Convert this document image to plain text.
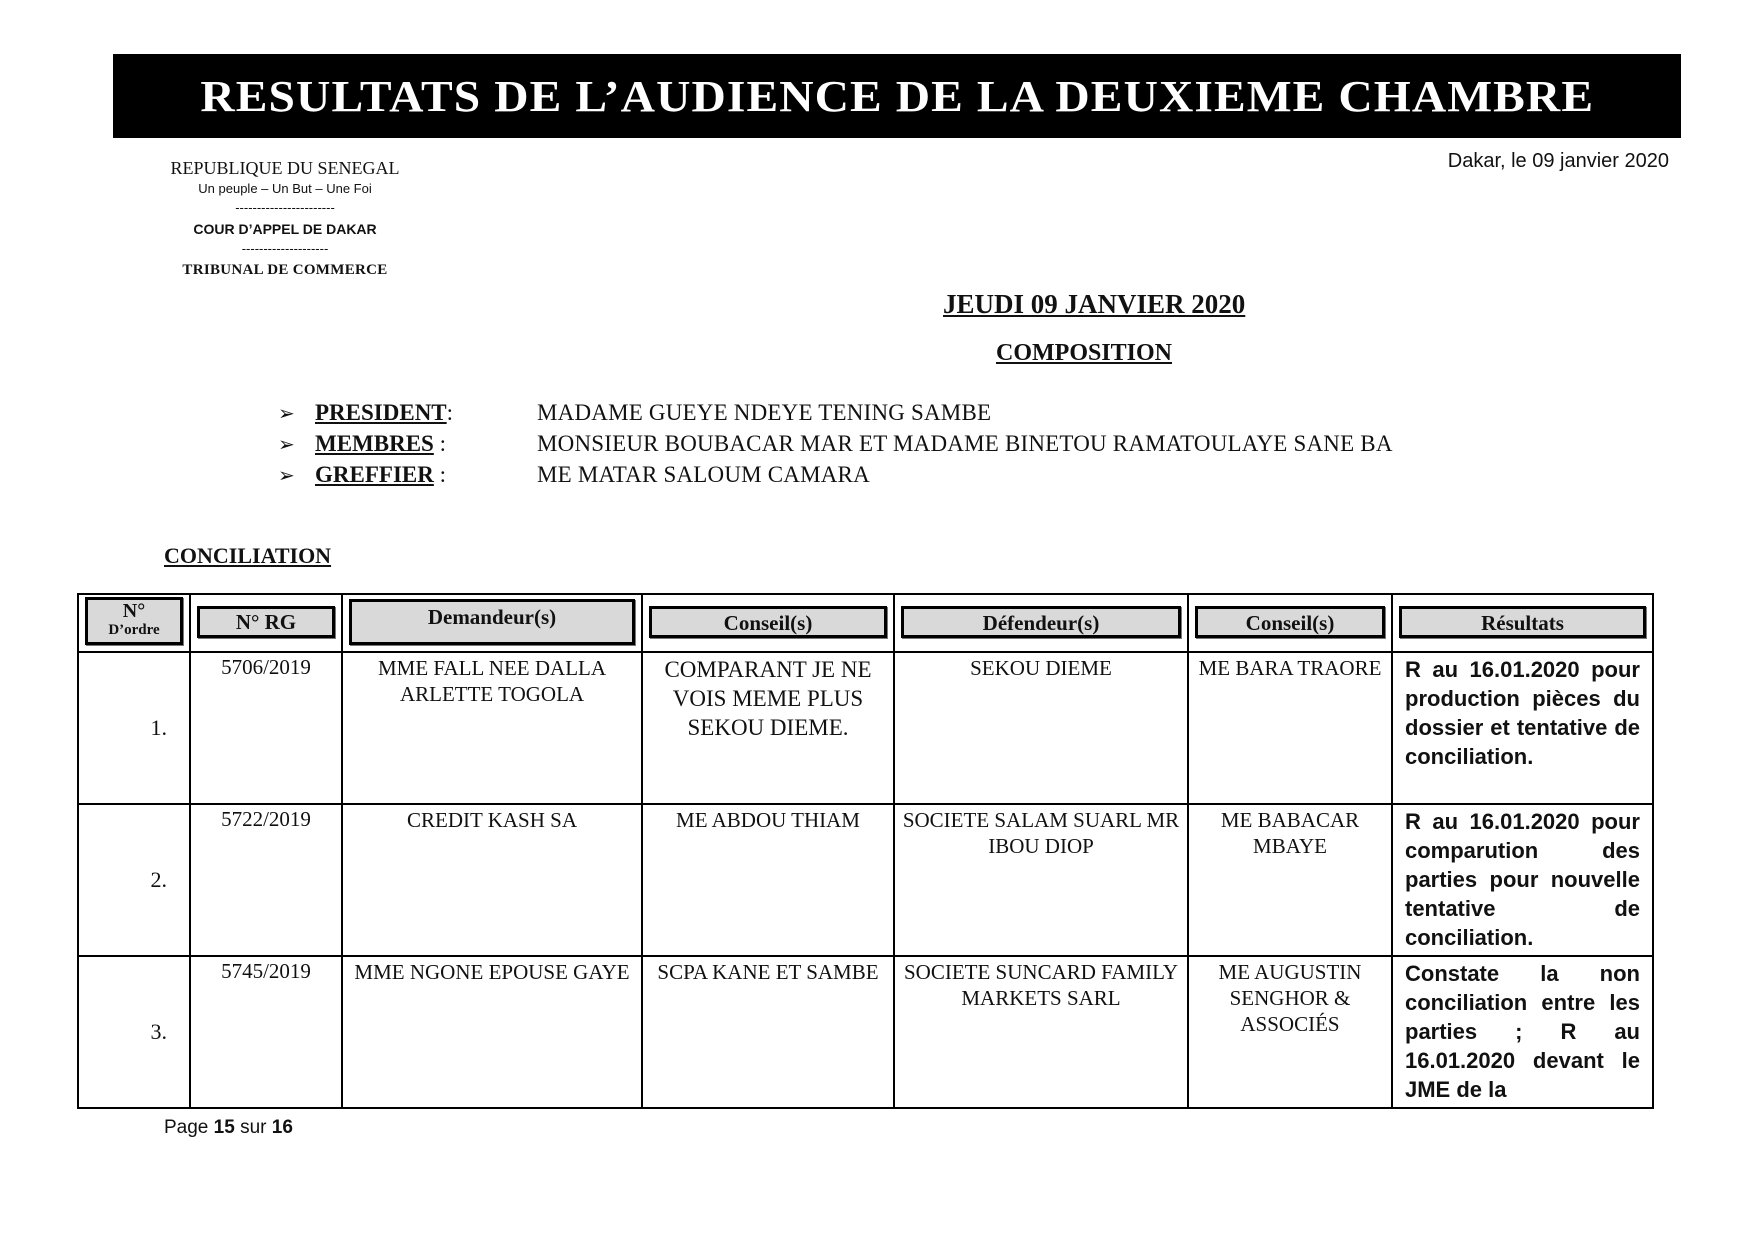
RESULTATS DE L’AUDIENCE DE LA DEUXIEME CHAMBRE
REPUBLIQUE DU SENEGAL
Un peuple – Un But – Une Foi
-----------------------
COUR D’APPEL DE DAKAR
--------------------
TRIBUNAL DE COMMERCE
Dakar, le 09 janvier 2020
JEUDI 09 JANVIER 2020
COMPOSITION
➢ PRESIDENT:	MADAME GUEYE NDEYE TENING SAMBE
➢ MEMBRES :	MONSIEUR BOUBACAR MAR ET MADAME BINETOU RAMATOULAYE SANE BA
➢ GREFFIER :	ME MATAR SALOUM CAMARA
CONCILIATION
N°
D’ordre	N° RG	Demandeur(s)	Conseil(s)	Défendeur(s)	Conseil(s)	Résultats

1.	5706/2019	MME FALL NEE DALLA ARLETTE TOGOLA	COMPARANT JE NE VOIS MEME PLUS SEKOU DIEME.	SEKOU DIEME	ME BARA TRAORE	R au 16.01.2020 pour production pièces du dossier et tentative de conciliation.
2.	5722/2019	CREDIT KASH SA	ME ABDOU THIAM	SOCIETE SALAM SUARL MR IBOU DIOP	ME BABACAR MBAYE	R au 16.01.2020 pour comparution des parties pour nouvelle tentative de conciliation.
3.	5745/2019	MME NGONE EPOUSE GAYE	SCPA KANE ET SAMBE	SOCIETE SUNCARD FAMILY MARKETS SARL	ME AUGUSTIN SENGHOR & ASSOCIÉS	Constate la non conciliation entre les parties ; R au 16.01.2020 devant le JME de la
Page 15 sur 16
